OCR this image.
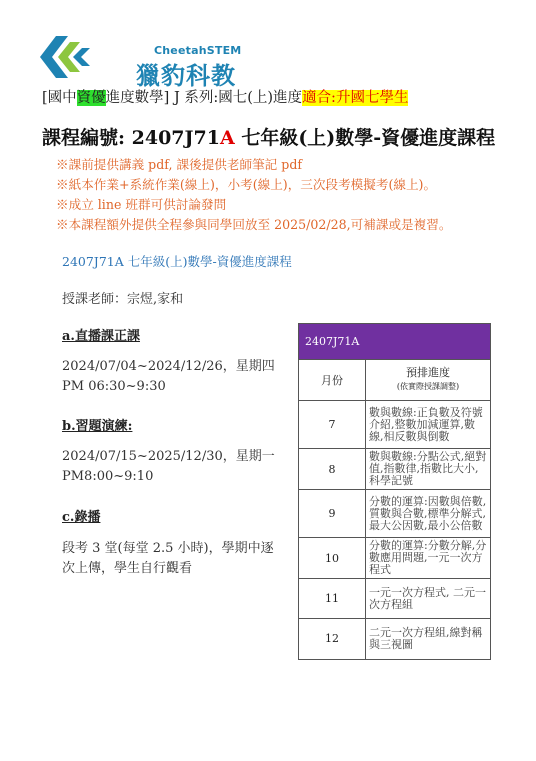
CheetahSTEM
獵豹科教
[國中資優進度數學] J 系列:國七(上)進度適合:升國七學生
課程編號: 2407J71A 七年級(上)數學-資優進度課程
※課前提供講義 pdf, 課後提供老師筆記 pdf
※紙本作業+系統作業(線上)，小考(線上)，三次段考模擬考(線上)。
※成立 line 班群可供討論發問
※本課程額外提供全程參與同學回放至 2025/02/28,可補課或是複習。
2407J71A 七年級(上)數學-資優進度課程
授課老師：宗煜,家和
a.直播課正課
2024/07/04~2024/12/26，星期四 PM 06:30~9:30
b.習題演練:
2024/07/15~2025/12/30，星期一 PM8:00~9:10
c.錄播
段考 3 堂(每堂 2.5 小時)，學期中逐次上傳，學生自行觀看
2407J71A
月份	預排進度
(依實際授課調整)

7	數與數線:正負數及符號介紹,整數加減運算,數線,相反數與倒數
8	數與數線:分點公式,絕對值,指數律,指數比大小,科學記號
9	分數的運算:因數與倍數,質數與合數,標準分解式,最大公因數,最小公倍數
10	分數的運算:分數分解,分數應用問題,一元一次方程式
11	一元一次方程式, 二元一次方程組
12	二元一次方程組,線對稱與三視圖
